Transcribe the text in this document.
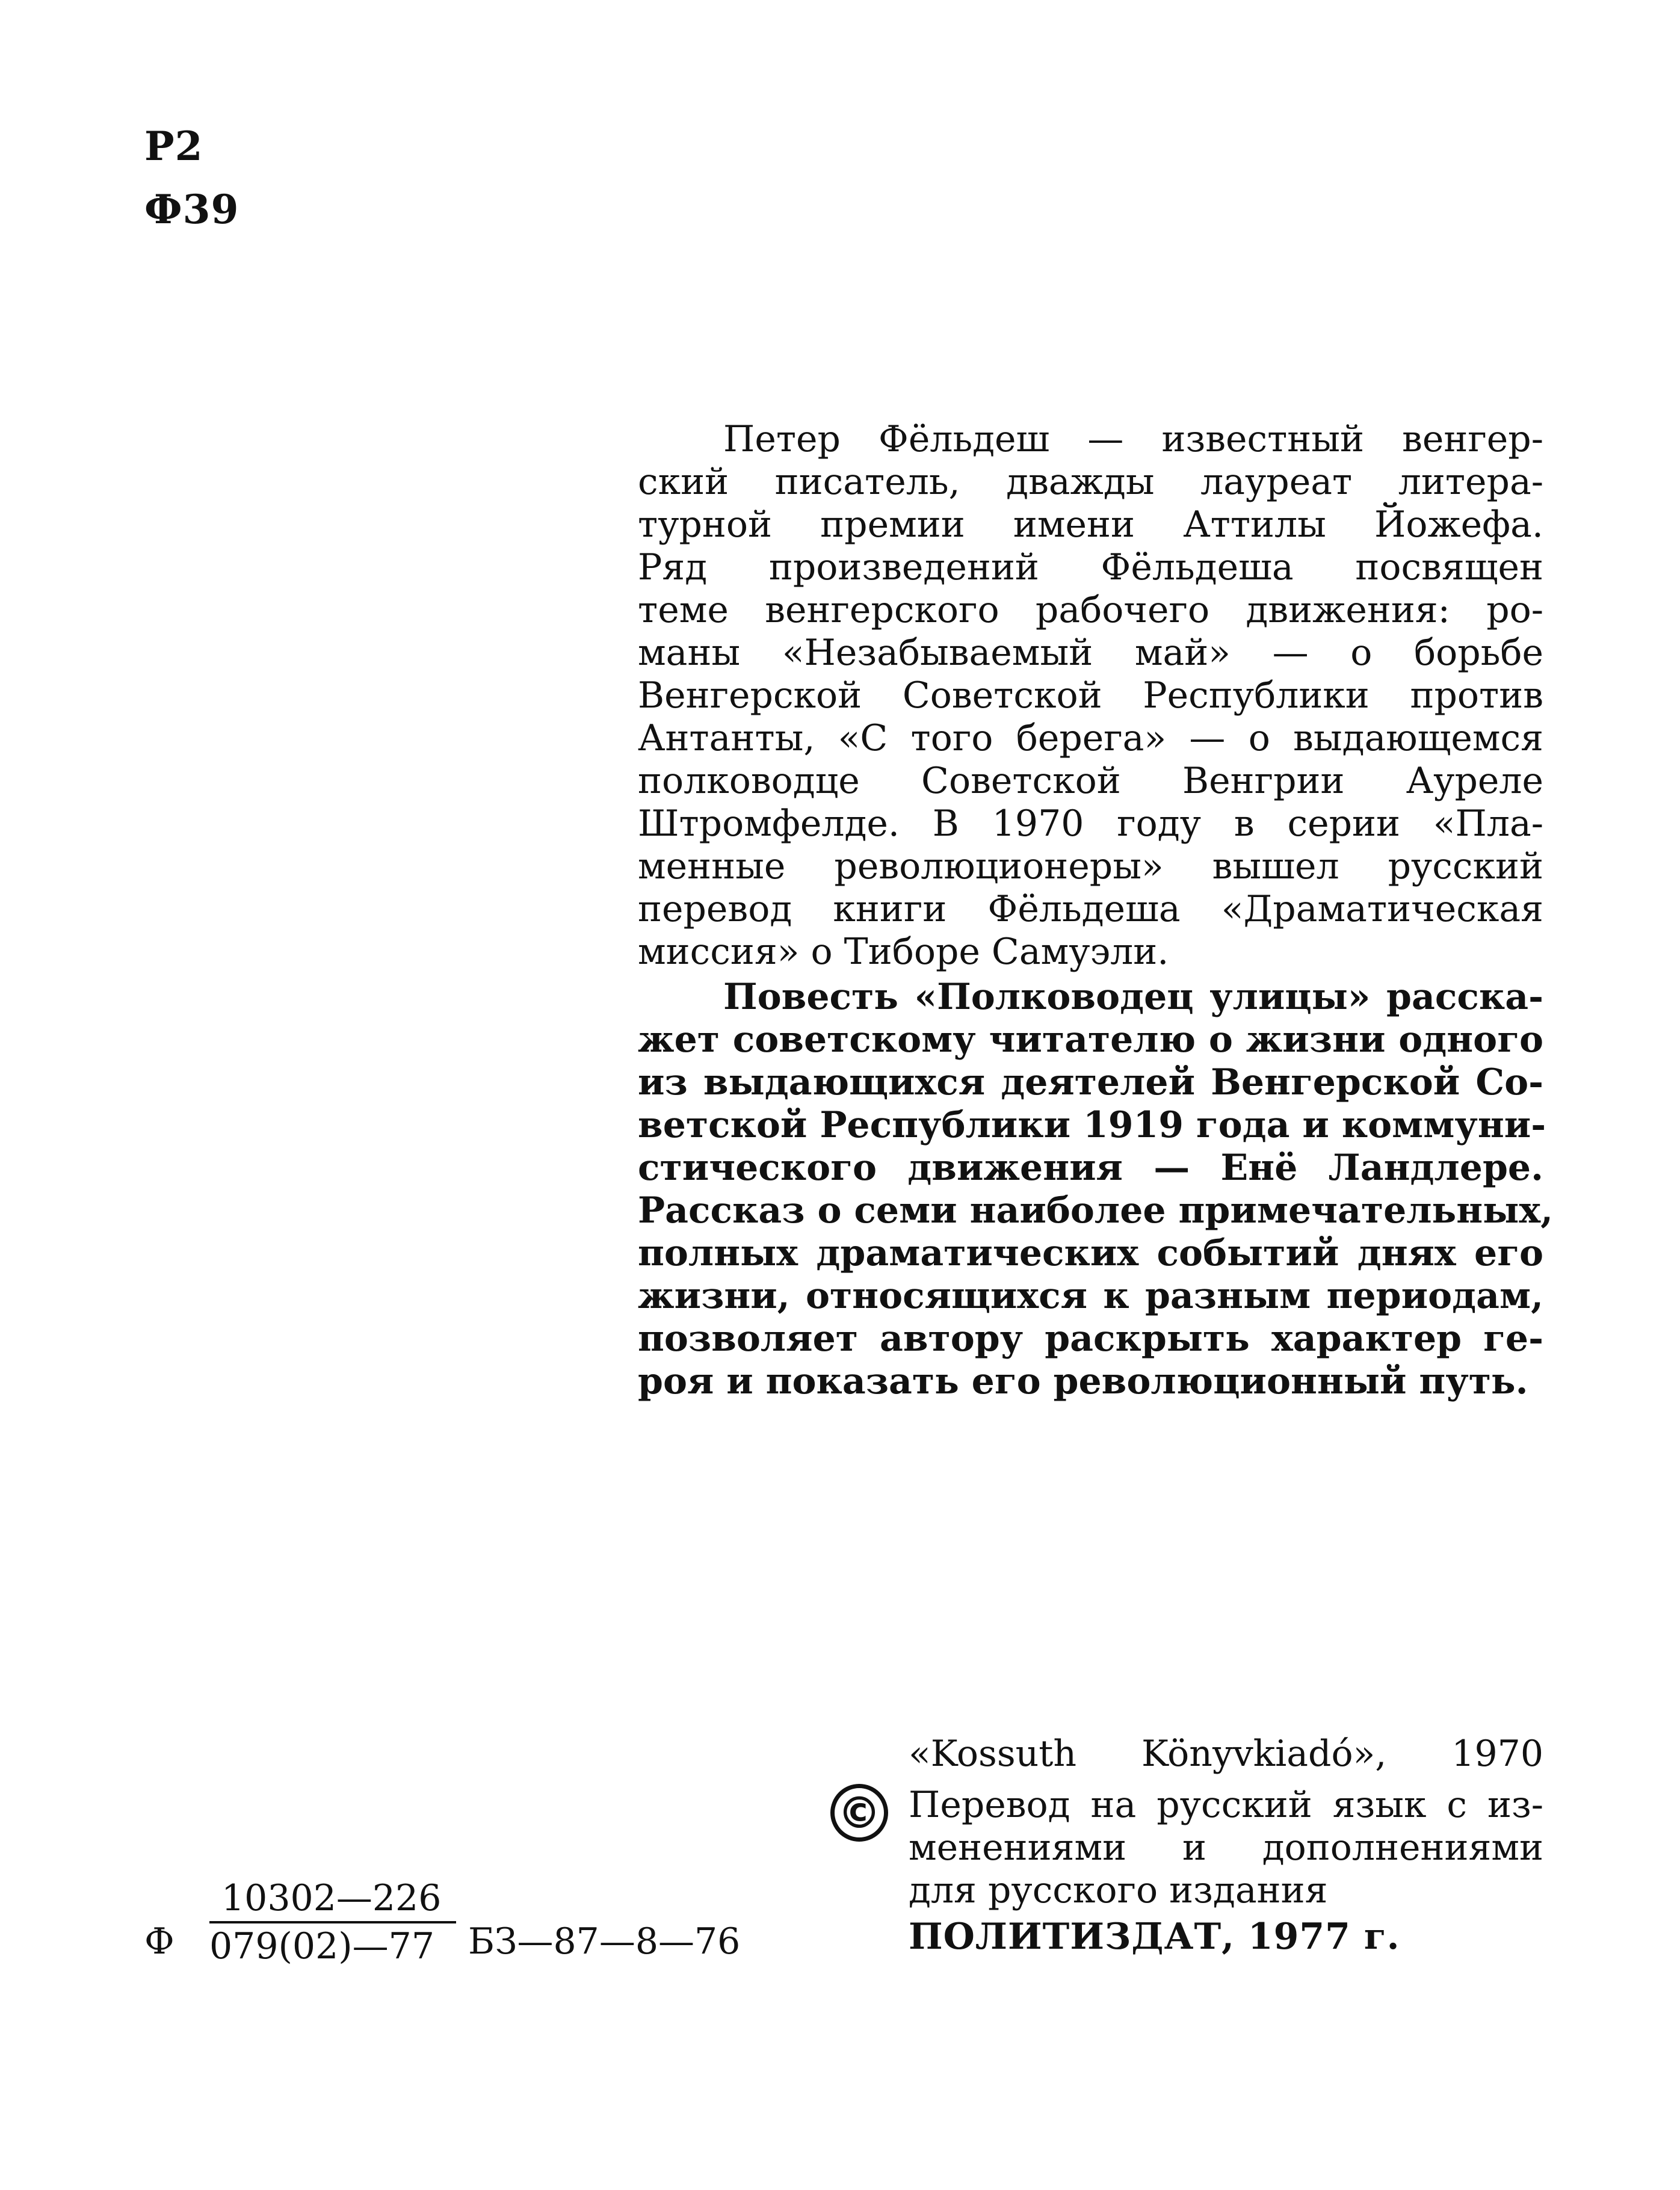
Р2
Ф39

Петер Фёльдеш — известный венгер-
ский писатель, дважды лауреат литера-
турной премии имени Аттилы Йожефа.
Ряд произведений Фёльдеша посвящен
теме венгерского рабочего движения: ро-
маны «Незабываемый май» — о борьбе
Венгерской Советской Республики против
Антанты, «С того берега» — о выдающемся
полководце Советской Венгрии Ауреле
Штромфелде. В 1970 году в серии «Пла-
менные революционеры» вышел русский
перевод книги Фёльдеша «Драматическая
миссия» о Тиборе Самуэли.

Повесть «Полководец улицы» расска-
жет советскому читателю о жизни одного
из выдающихся деятелей Венгерской Со-
ветской Республики 1919 года и коммуни-
стического движения — Енё Ландлере.
Рассказ о семи наиболее примечательных,
полных драматических событий днях его
жизни, относящихся к разным периодам,
позволяет автору раскрыть характер ге-
роя и показать его революционный путь.

«Kossuth Könyvkiadó», 1970
© Перевод на русский язык с из-
менениями и дополнениями
для русского издания
ПОЛИТИЗДАТ, 1977 г.
Ф
10302—226
079(02)—77 БЗ—87—8—76
